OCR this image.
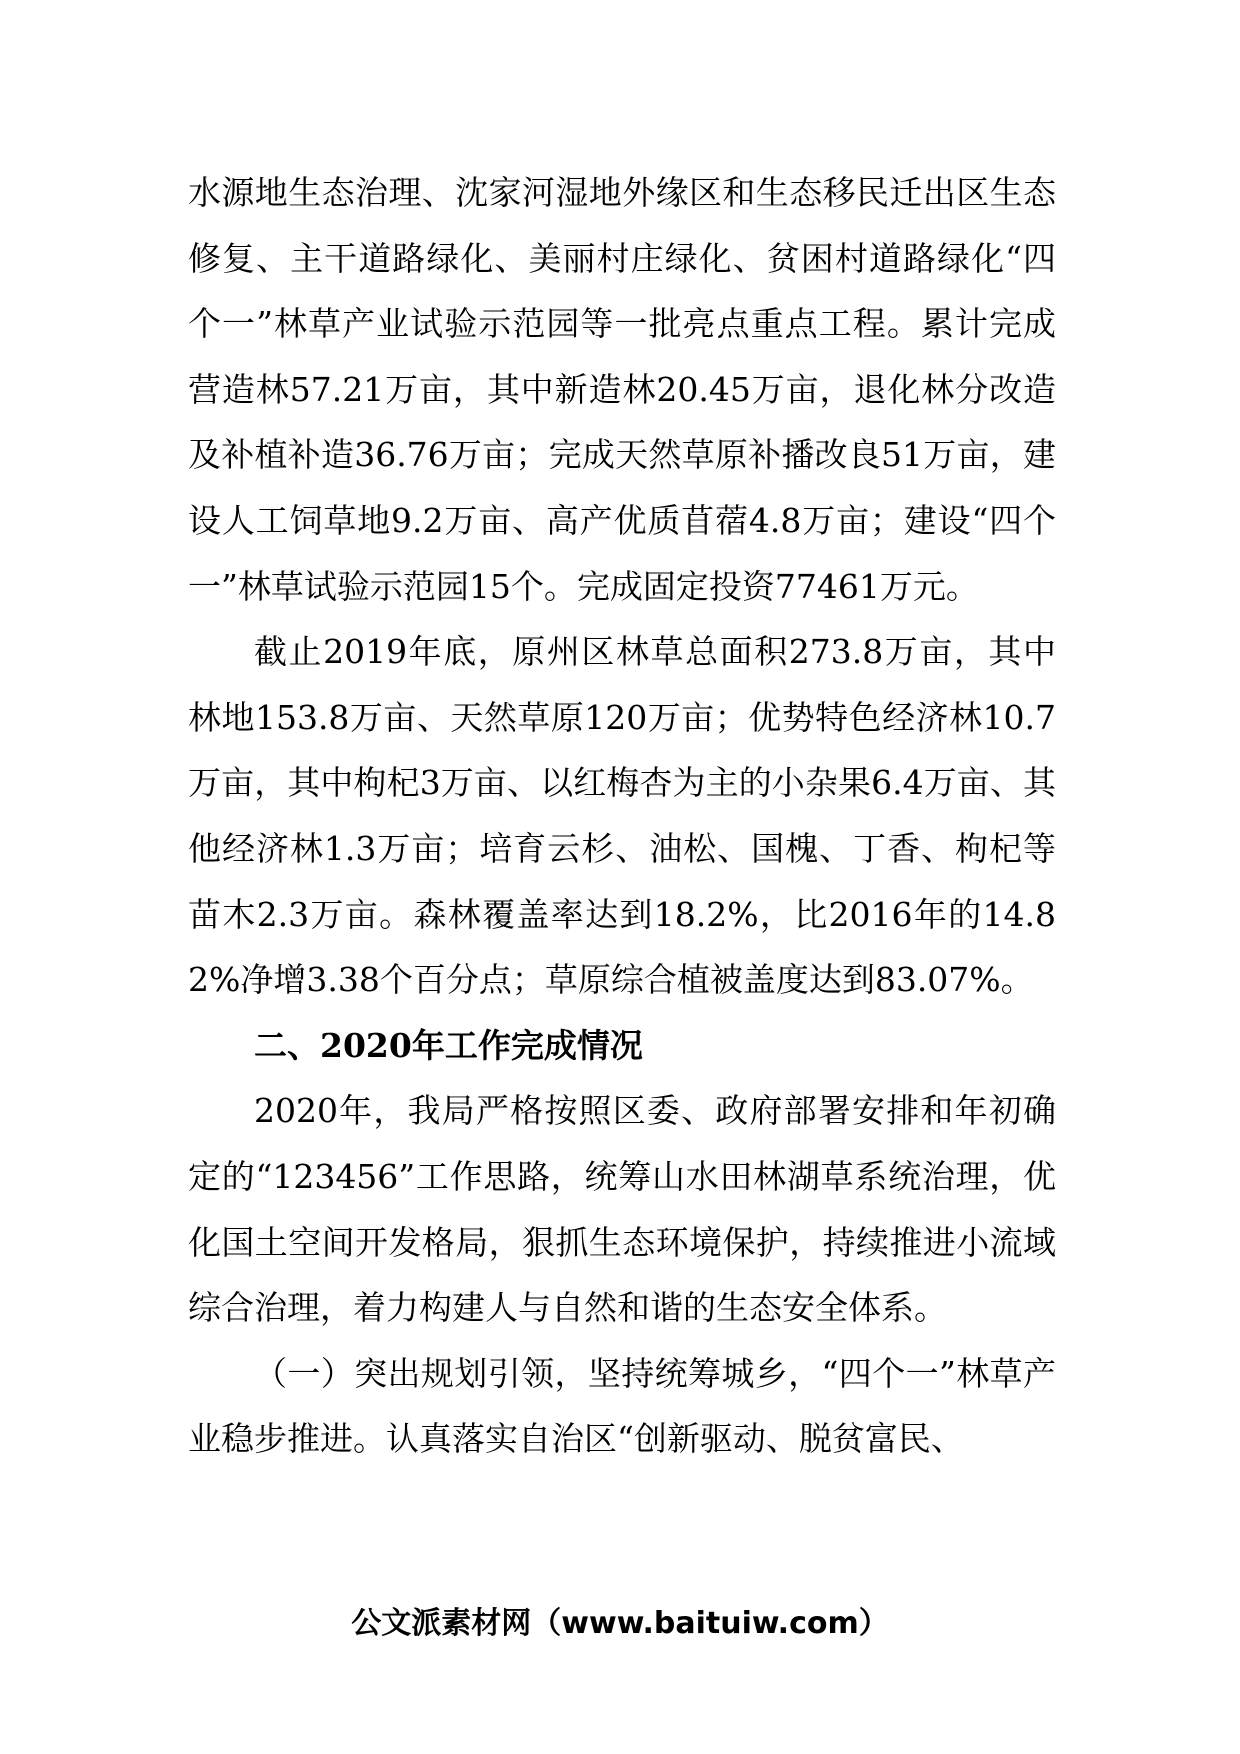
水源地生态治理、沈家河湿地外缘区和生态移民迁出区生态修复、主干道路绿化、美丽村庄绿化、贫困村道路绿化“四个一”林草产业试验示范园等一批亮点重点工程。累计完成营造林57.21万亩，其中新造林20.45万亩，退化林分改造及补植补造36.76万亩；完成天然草原补播改良51万亩，建设人工饲草地9.2万亩、高产优质苜蓿4.8万亩；建设“四个一”林草试验示范园15个。完成固定投资77461万元。

截止2019年底，原州区林草总面积273.8万亩，其中林地153.8万亩、天然草原120万亩；优势特色经济林10.7万亩，其中枸杞3万亩、以红梅杏为主的小杂果6.4万亩、其他经济林1.3万亩；培育云杉、油松、国槐、丁香、枸杞等苗木2.3万亩。森林覆盖率达到18.2%，比2016年的14.82%净增3.38个百分点；草原综合植被盖度达到83.07%。

二、2020年工作完成情况

2020年，我局严格按照区委、政府部署安排和年初确定的“123456”工作思路，统筹山水田林湖草系统治理，优化国土空间开发格局，狠抓生态环境保护，持续推进小流域综合治理，着力构建人与自然和谐的生态安全体系。

（一）突出规划引领，坚持统筹城乡，“四个一”林草产业稳步推进。认真落实自治区“创新驱动、脱贫富民、

公文派素材网（www.baituiw.com）
